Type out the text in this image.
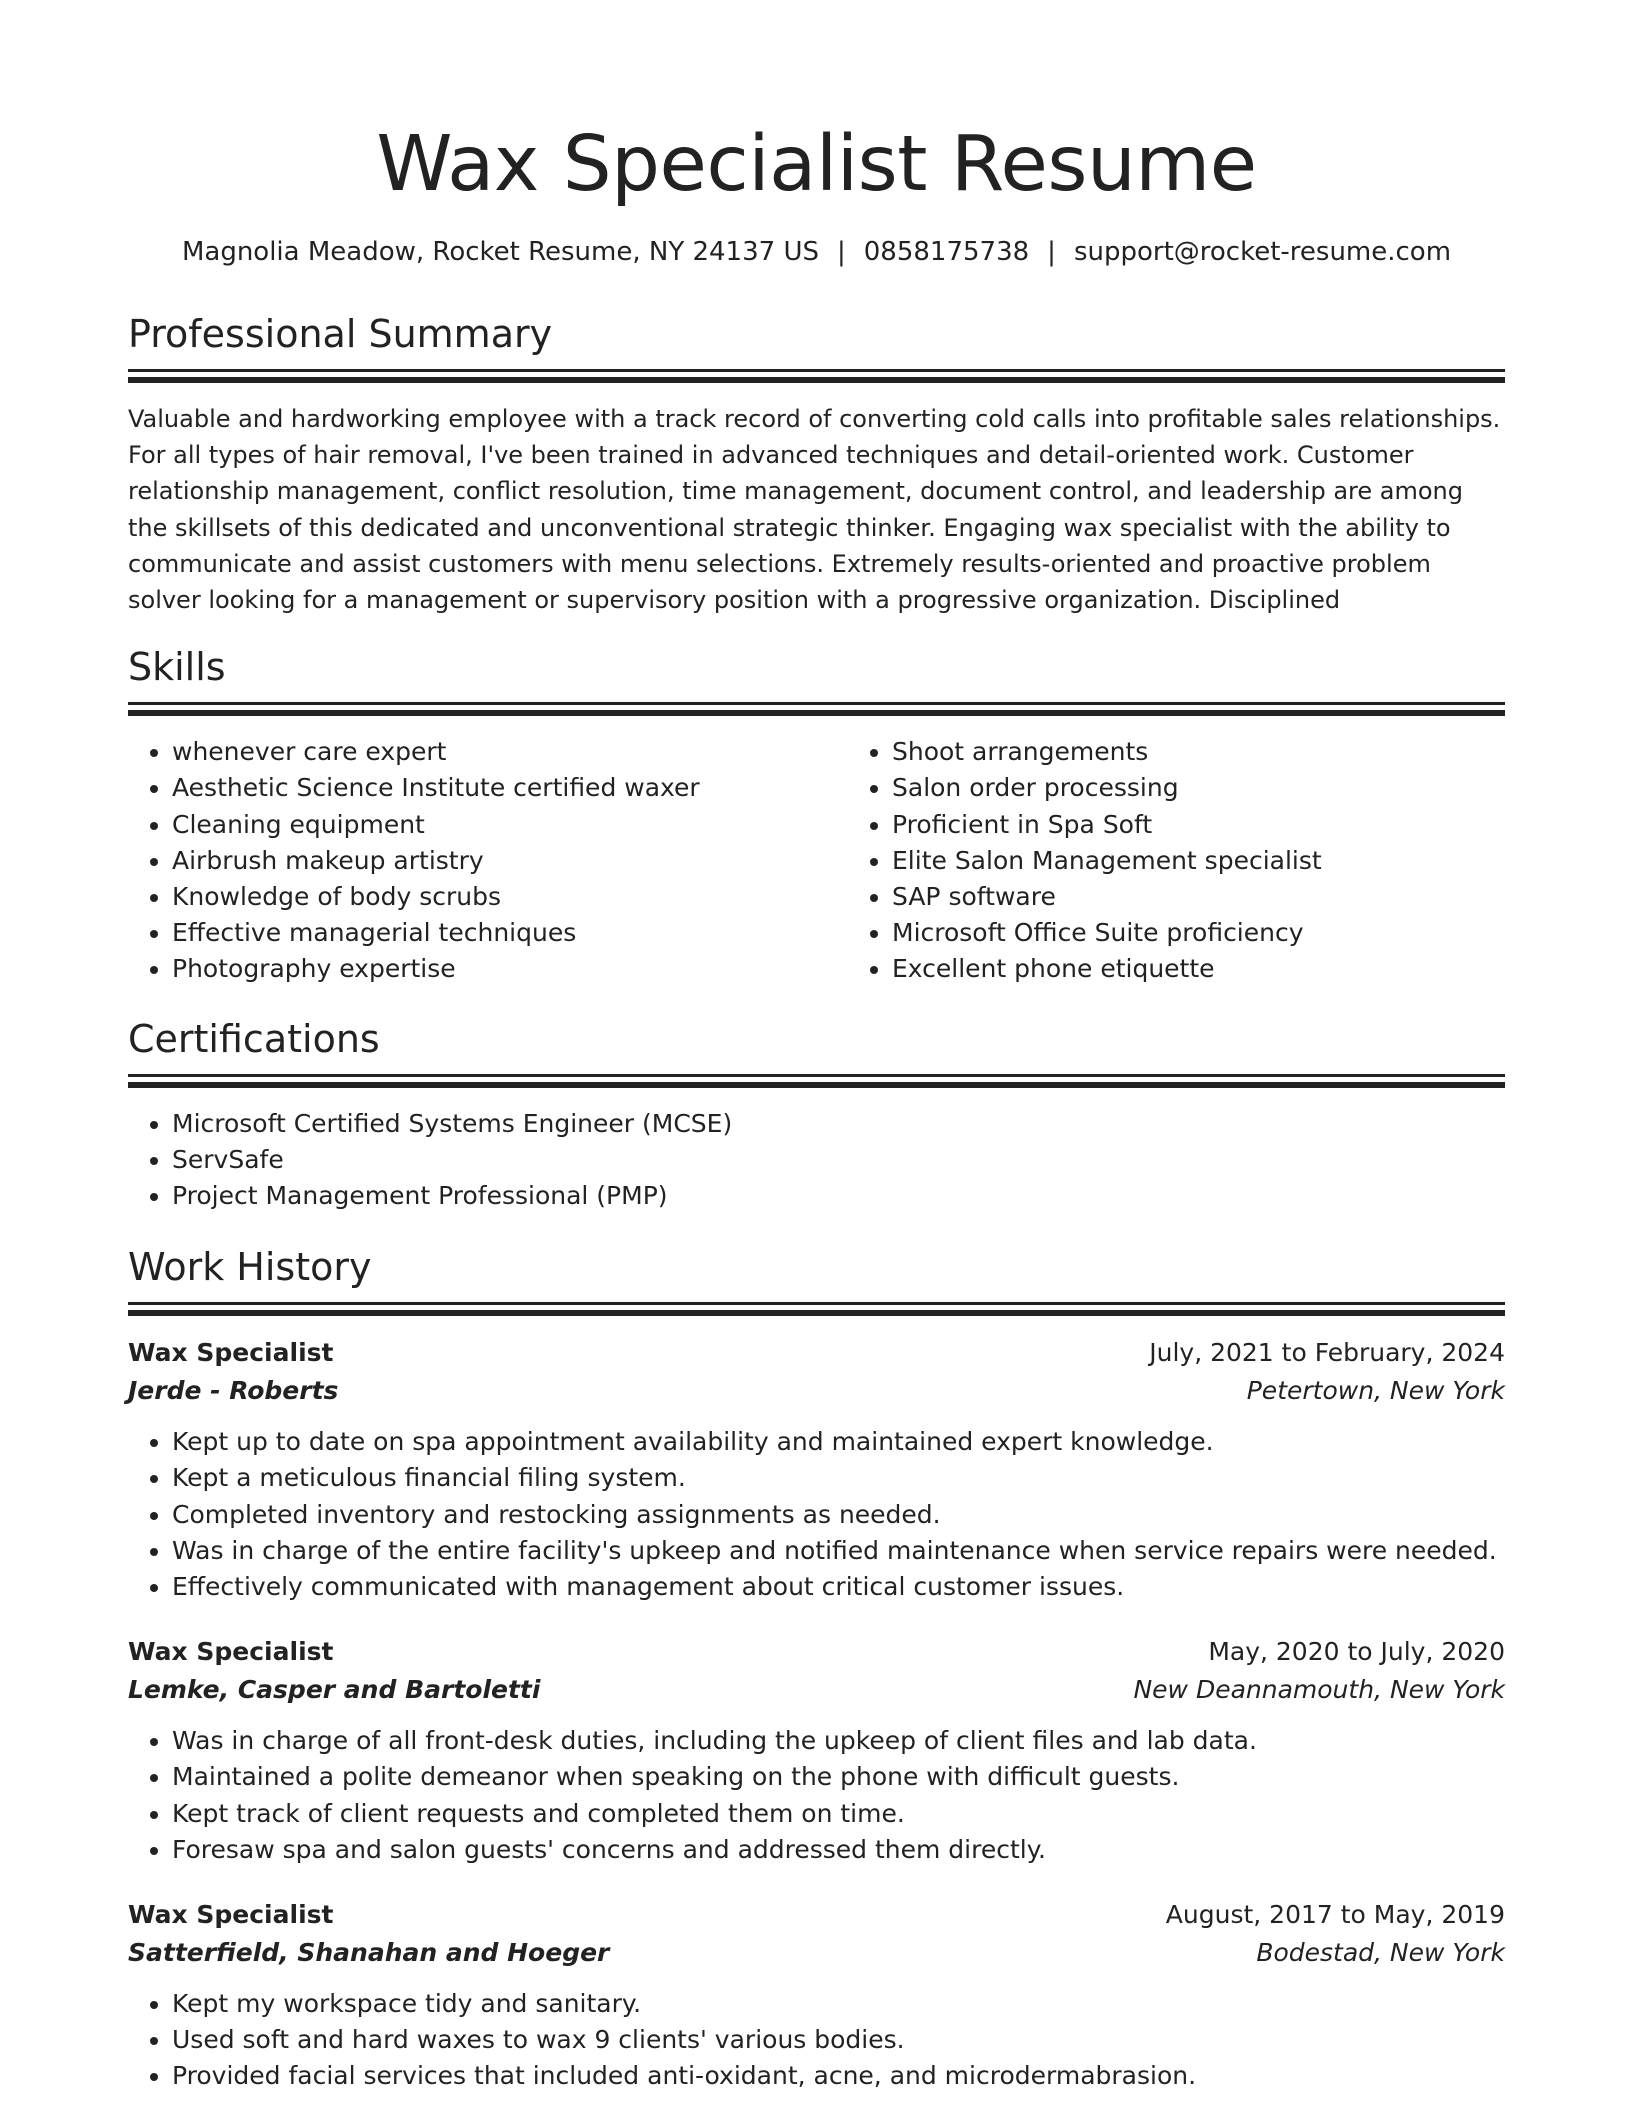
Wax Specialist Resume
Magnolia Meadow, Rocket Resume, NY 24137 US | 0858175738 | support@rocket-resume.com
Professional Summary

Valuable and hardworking employee with a track record of converting cold calls into profitable sales relationships. For all types of hair removal, I've been trained in advanced techniques and detail-oriented work. Customer relationship management, conflict resolution, time management, document control, and leadership are among the skillsets of this dedicated and unconventional strategic thinker. Engaging wax specialist with the ability to communicate and assist customers with menu selections. Extremely results-oriented and proactive problem solver looking for a management or supervisory position with a progressive organization. Disciplined

Skills
• whenever care expert
• Aesthetic Science Institute certified waxer
• Cleaning equipment
• Airbrush makeup artistry
• Knowledge of body scrubs
• Effective managerial techniques
• Photography expertise
• Shoot arrangements
• Salon order processing
• Proficient in Spa Soft
• Elite Salon Management specialist
• SAP software
• Microsoft Office Suite proficiency
• Excellent phone etiquette
Certifications
• Microsoft Certified Systems Engineer (MCSE)
• ServSafe
• Project Management Professional (PMP)
Work History
Wax Specialist	July, 2021 to February, 2024
Jerde - Roberts	Petertown, New York
• Kept up to date on spa appointment availability and maintained expert knowledge.
• Kept a meticulous financial filing system.
• Completed inventory and restocking assignments as needed.
• Was in charge of the entire facility's upkeep and notified maintenance when service repairs were needed.
• Effectively communicated with management about critical customer issues.
Wax Specialist	May, 2020 to July, 2020
Lemke, Casper and Bartoletti	New Deannamouth, New York
• Was in charge of all front-desk duties, including the upkeep of client files and lab data.
• Maintained a polite demeanor when speaking on the phone with difficult guests.
• Kept track of client requests and completed them on time.
• Foresaw spa and salon guests' concerns and addressed them directly.
Wax Specialist	August, 2017 to May, 2019
Satterfield, Shanahan and Hoeger	Bodestad, New York
• Kept my workspace tidy and sanitary.
• Used soft and hard waxes to wax 9 clients' various bodies.
• Provided facial services that included anti-oxidant, acne, and microdermabrasion.
